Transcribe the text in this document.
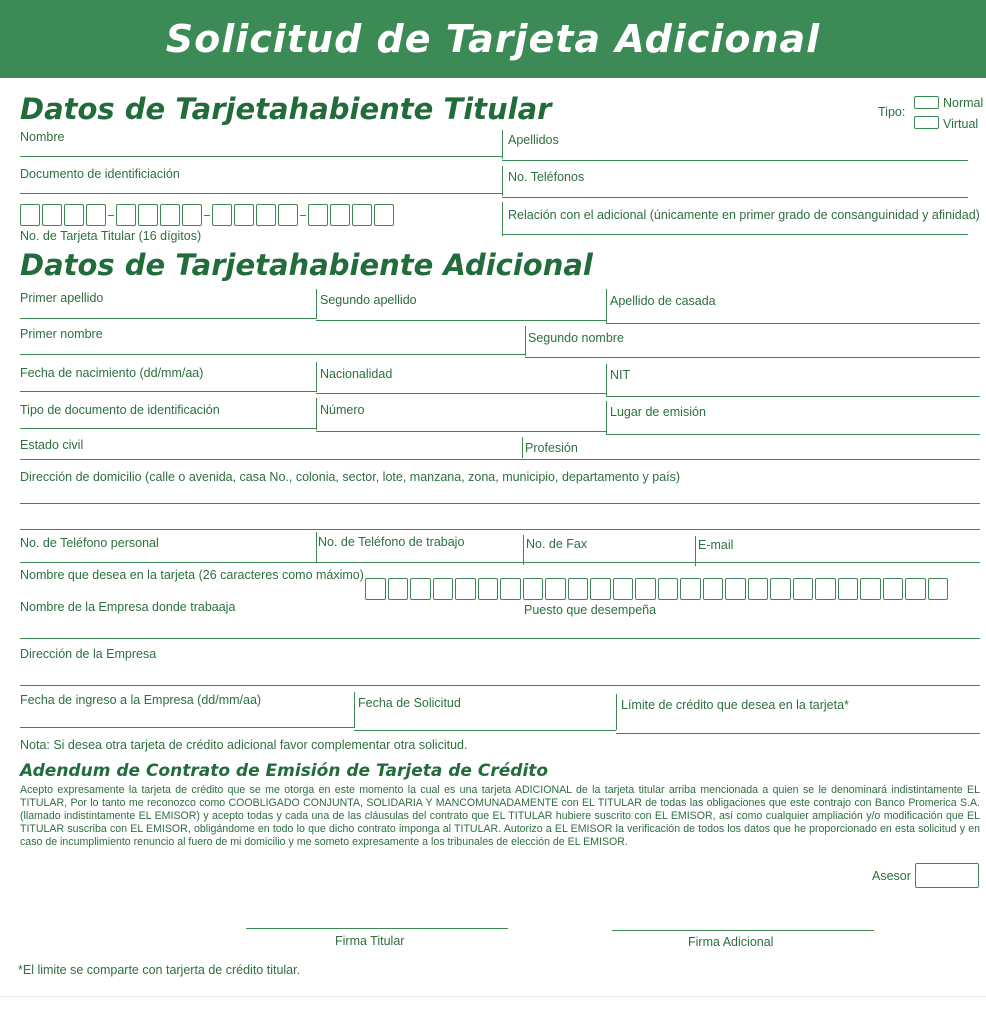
Solicitud de Tarjeta Adicional
Datos de Tarjetahabiente Titular	Tipo:
Normal
Virtual
Nombre	Apellidos
Documento de identificiación	No. Teléfonos
No. de Tarjeta Titular (16 dígitos)
Relación con el adicional (únicamente en primer grado de consanguinidad y afinidad)
Datos de Tarjetahabiente Adicional
Primer apellido	Segundo apellido	Apellido de casada
Primer nombre	Segundo nombre
Fecha de nacimiento (dd/mm/aa)	Nacionalidad	NIT
Tipo de documento de identificación	Número	Lugar de emisión
Estado civil	Profesión
Dirección de domicilio (calle o avenida, casa No., colonia, sector, lote, manzana, zona, municipio, departamento y país)
No. de Teléfono personal	No. de Teléfono de trabajo	No. de Fax	E-mail
Nombre que desea en la tarjeta (26 caracteres como máximo)
Nombre de la Empresa donde trabaaja	Puesto que desempeña
Dirección de la Empresa
Fecha de ingreso a la Empresa (dd/mm/aa)	Fecha de Solicitud	Límite de crédito que desea en la tarjeta*
Nota: Si desea otra tarjeta de crédito adicional favor complementar otra solicitud.
Adendum de Contrato de Emisión de Tarjeta de Crédito
Acepto expresamente la tarjeta de crédito que se me otorga en este momento la cual es una tarjeta ADICIONAL de la tarjeta titular arriba mencionada a quien se le denominará indistintamente EL TITULAR, Por lo tanto me reconozco como COOBLIGADO CONJUNTA, SOLIDARIA Y MANCOMUNADAMENTE con EL TITULAR de todas las obligaciones que este contrajo con Banco Promerica S.A. (llamado indistintamente EL EMISOR) y acepto todas y cada una de las cláusulas del contrato que EL TITULAR hubiere suscrito con EL EMISOR, así como cualquier ampliación y/o modificación que EL TITULAR suscriba con EL EMISOR, obligándome en todo lo que dicho contrato imponga al TITULAR. Autorizo a EL EMISOR la verificación de todos los datos que he proporcionado en esta solicitud y en caso de incumplimiento renuncio al fuero de mi domicilio y me someto expresamente a los tribunales de elección de EL EMISOR.
Asesor
Firma Titular	Firma Adicional
*El limite se comparte con tarjerta de crédito titular.
